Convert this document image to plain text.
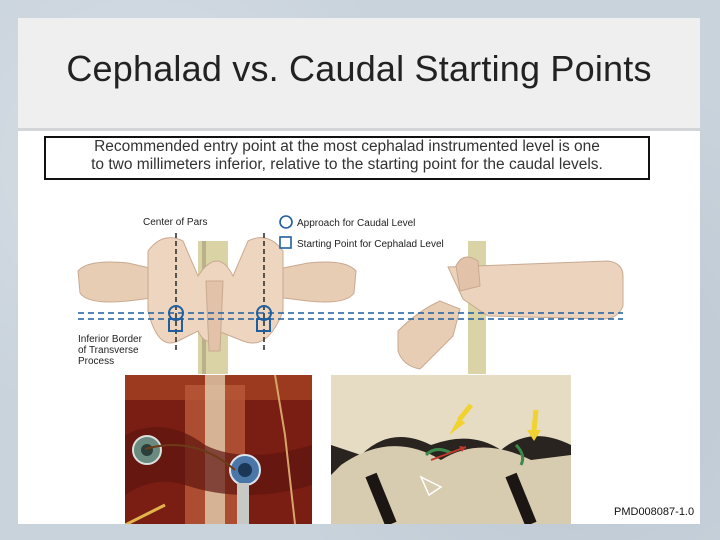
Cephalad vs. Caudal Starting Points

Recommended entry point at the most cephalad instrumented level is one

to two millimeters inferior, relative to the starting point for the caudal levels.

Center of Pars	Approach for Caudal Level
Starting Point for Cephalad Level
Inferior Border
of Transverse
Process
PMD008087-1.0
